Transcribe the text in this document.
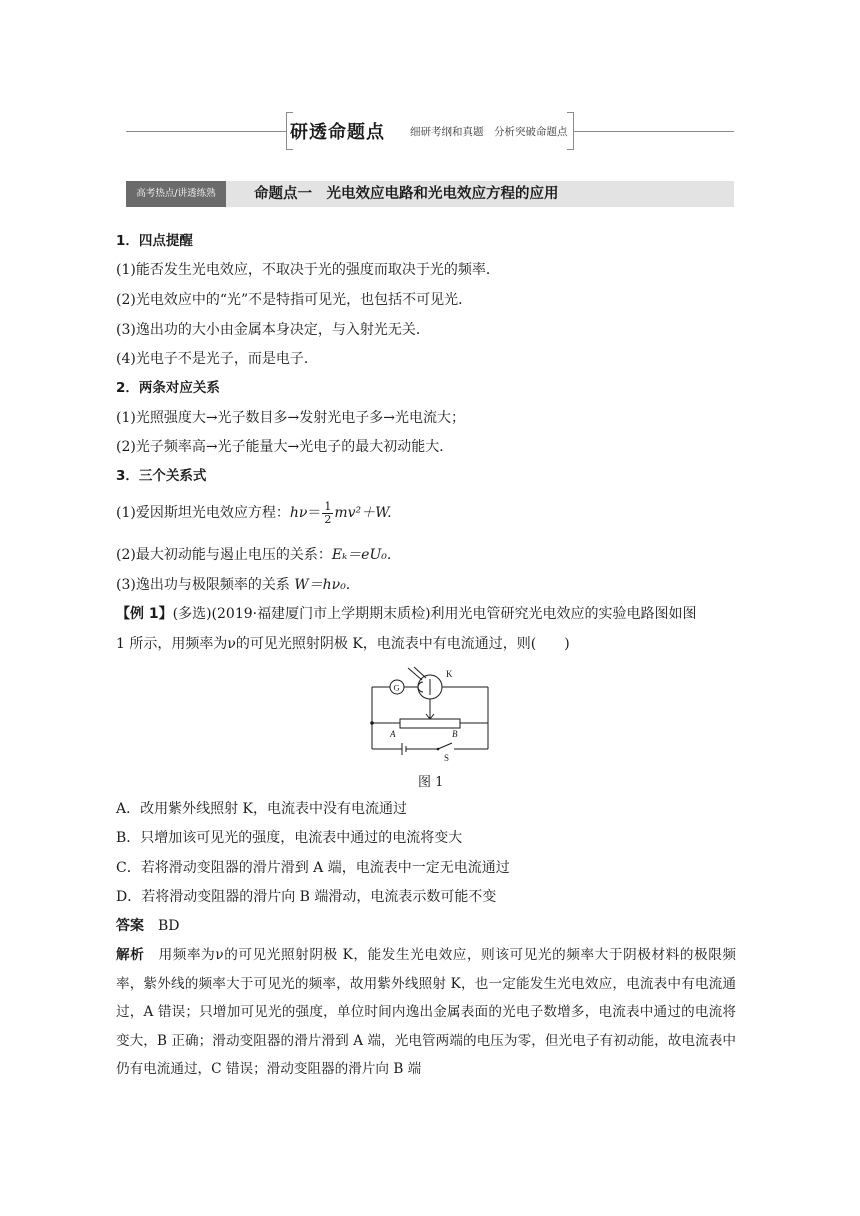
研透命题点 细研考纲和真题　分析突破命题点
高考热点/讲透练熟	命题点一　光电效应电路和光电效应方程的应用
1．四点提醒
(1)能否发生光电效应，不取决于光的强度而取决于光的频率．
(2)光电效应中的“光”不是特指可见光，也包括不可见光．
(3)逸出功的大小由金属本身决定，与入射光无关．
(4)光电子不是光子，而是电子．
2．两条对应关系
(1)光照强度大→光子数目多→发射光电子多→光电流大；
(2)光子频率高→光子能量大→光电子的最大初动能大．
3．三个关系式
(1)爱因斯坦光电效应方程：$h\nu= \frac{1}{2} mv^2+W$.
(2)最大初动能与遏止电压的关系：Eₖ＝eU₀.
(3)逸出功与极限频率的关系 W＝hν₀.
【例 1】(多选)(2019·福建厦门市上学期期末质检)利用光电管研究光电效应的实验电路图如图
1 所示，用频率为ν的可见光照射阴极 K，电流表中有电流通过，则(　　)
G
K
A	B
S
图 1
A．改用紫外线照射 K，电流表中没有电流通过
B．只增加该可见光的强度，电流表中通过的电流将变大
C．若将滑动变阻器的滑片滑到 A 端，电流表中一定无电流通过
D．若将滑动变阻器的滑片向 B 端滑动，电流表示数可能不变
答案　 BD
解析　 用频率为ν的可见光照射阴极 K，能发生光电效应，则该可见光的频率大于阴极材料的极限频率，紫外线的频率大于可见光的频率，故用紫外线照射 K，也一定能发生光电效应，电流表中有电流通过，A 错误；只增加可见光的强度，单位时间内逸出金属表面的光电子数增多，电流表中通过的电流将变大，B 正确；滑动变阻器的滑片滑到 A 端，光电管两端的电压为零，但光电子有初动能，故电流表中仍有电流通过，C 错误；滑动变阻器的滑片向 B 端
